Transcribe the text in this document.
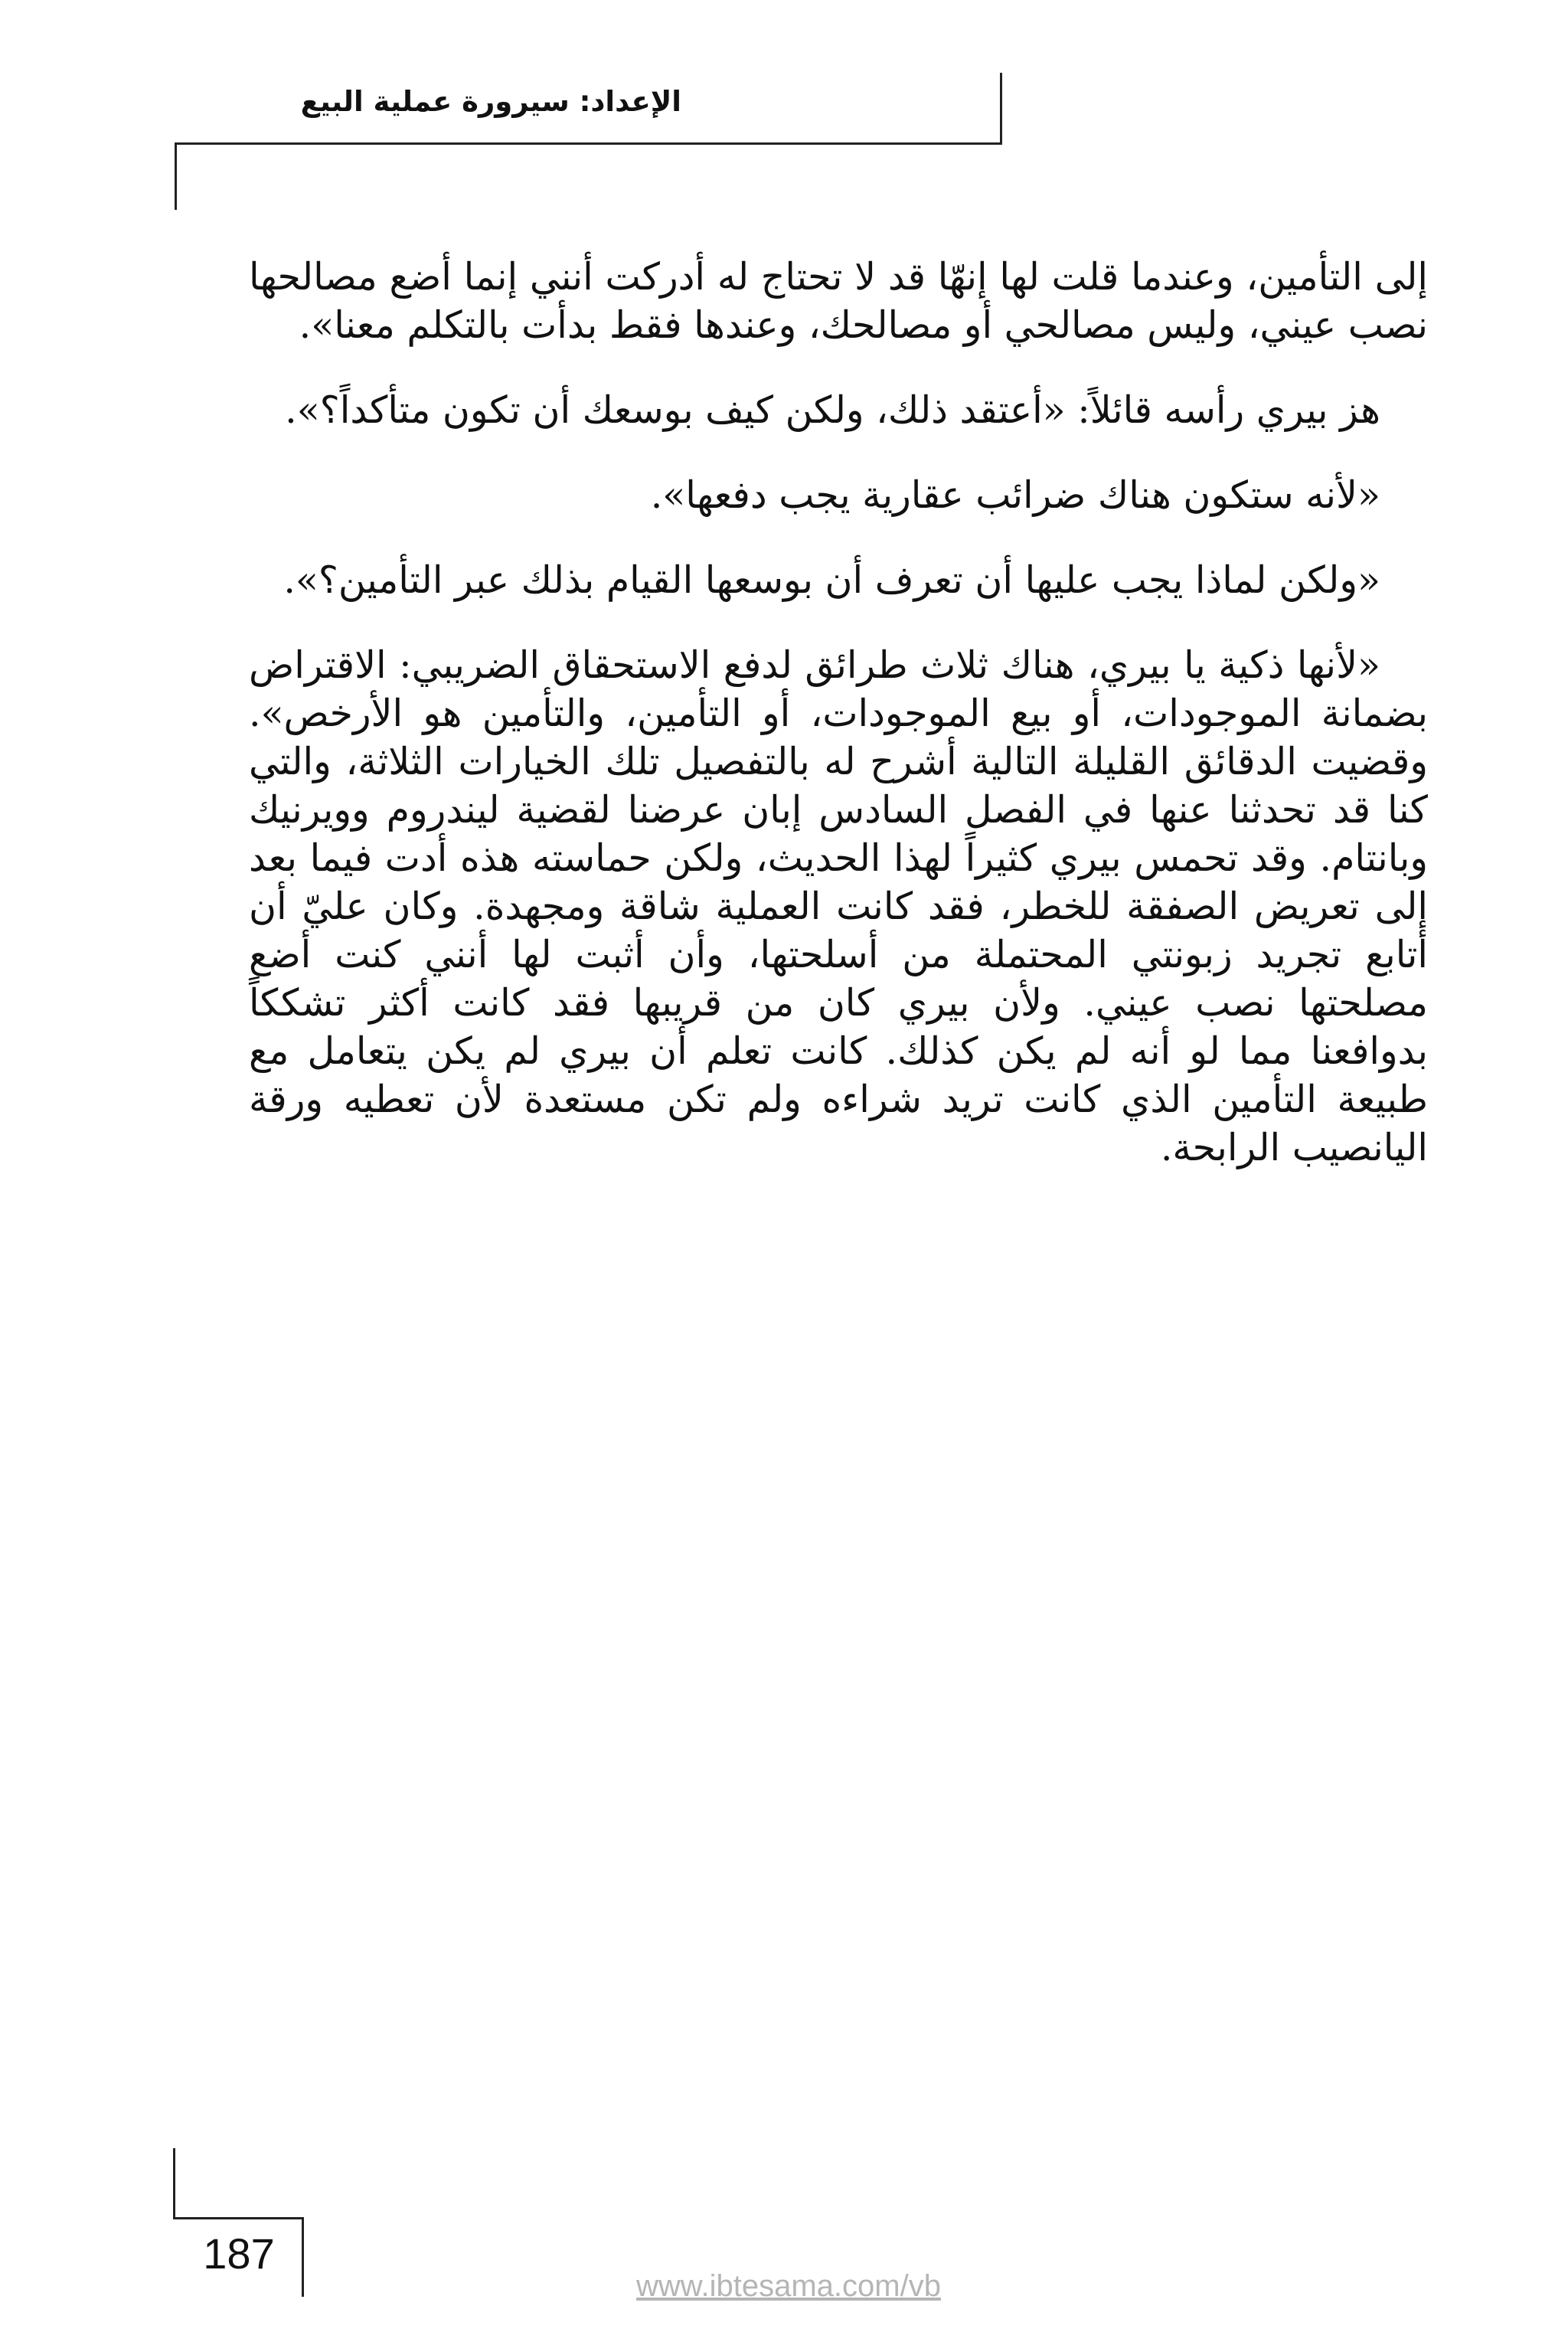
الإعداد: سيرورة عملية البيع

إلى التأمين، وعندما قلت لها إنهّا قد لا تحتاج له أدركت أنني إنما أضع مصالحها نصب عيني، وليس مصالحي أو مصالحك، وعندها فقط بدأت بالتكلم معنا».

هز بيري رأسه قائلاً: «أعتقد ذلك، ولكن كيف بوسعك أن تكون متأكداً؟».

«لأنه ستكون هناك ضرائب عقارية يجب دفعها».

«ولكن لماذا يجب عليها أن تعرف أن بوسعها القيام بذلك عبر التأمين؟».

«لأنها ذكية يا بيري، هناك ثلاث طرائق لدفع الاستحقاق الضريبي: الاقتراض بضمانة الموجودات، أو بيع الموجودات، أو التأمين، والتأمين هو الأرخص». وقضيت الدقائق القليلة التالية أشرح له بالتفصيل تلك الخيارات الثلاثة، والتي كنا قد تحدثنا عنها في الفصل السادس إبان عرضنا لقضية ليندروم وويرنيك وبانتام. وقد تحمس بيري كثيراً لهذا الحديث، ولكن حماسته هذه أدت فيما بعد إلى تعريض الصفقة للخطر، فقد كانت العملية شاقة ومجهدة. وكان عليّ أن أتابع تجريد زبونتي المحتملة من أسلحتها، وأن أثبت لها أنني كنت أضع مصلحتها نصب عيني. ولأن بيري كان من قريبها فقد كانت أكثر تشككاً بدوافعنا مما لو أنه لم يكن كذلك. كانت تعلم أن بيري لم يكن يتعامل مع طبيعة التأمين الذي كانت تريد شراءه ولم تكن مستعدة لأن تعطيه ورقة اليانصيب الرابحة.

187
www.ibtesama.com/vb
